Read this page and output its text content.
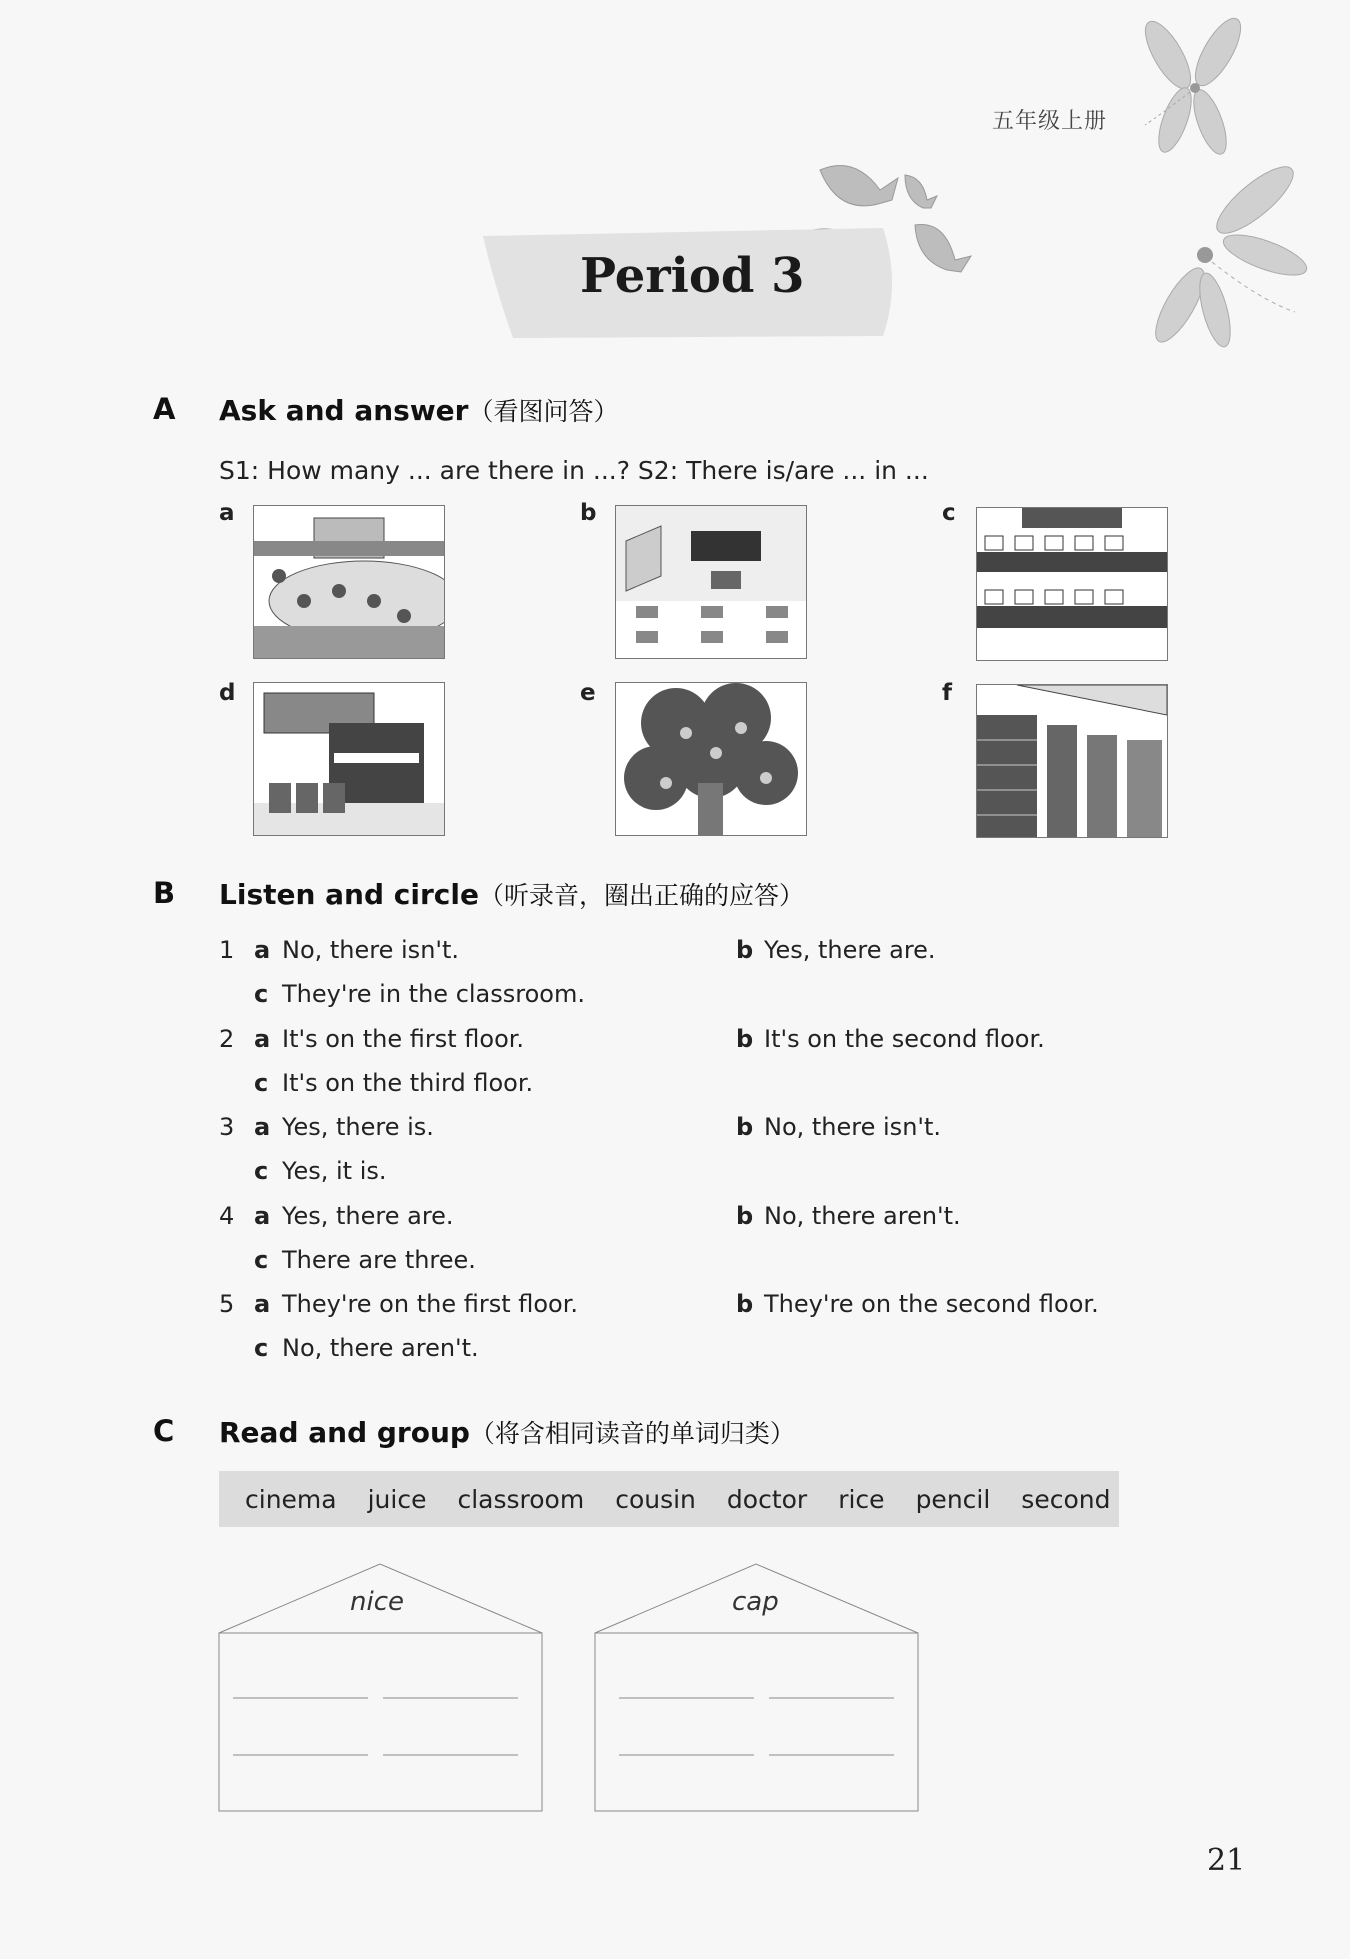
五年级上册
Period 3
A Ask and answer（看图问答）
S1: How many ... are there in ...? S2: There is/are ... in ...
a	b	c
d	e	f
B Listen and circle（听录音，圈出正确的应答）
1 a No, there isn't.	b Yes, there are.
c They're in the classroom.
2 a It's on the first floor.	b It's on the second floor.
c It's on the third floor.
3 a Yes, there is.	b No, there isn't.
c Yes, it is.
4 a Yes, there are.	b No, there aren't.
c There are three.
5 a They're on the first floor.	b They're on the second floor.
c No, there aren't.
C Read and group（将含相同读音的单词归类）
cinema juice classroom cousin doctor rice pencil second
nice	cap
21
